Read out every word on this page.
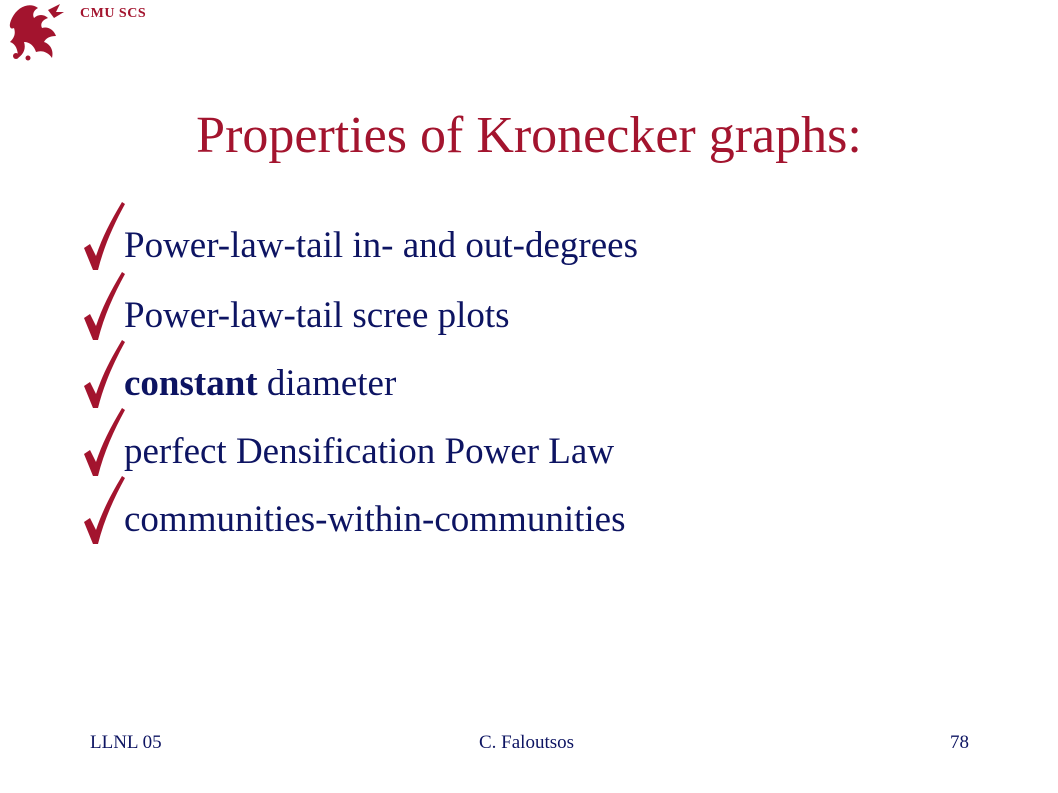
CMU SCS
Properties of Kronecker graphs:
Power-law-tail in- and out-degrees
Power-law-tail scree plots
constant diameter
perfect Densification Power Law
communities-within-communities
LLNL 05	C. Faloutsos	78
